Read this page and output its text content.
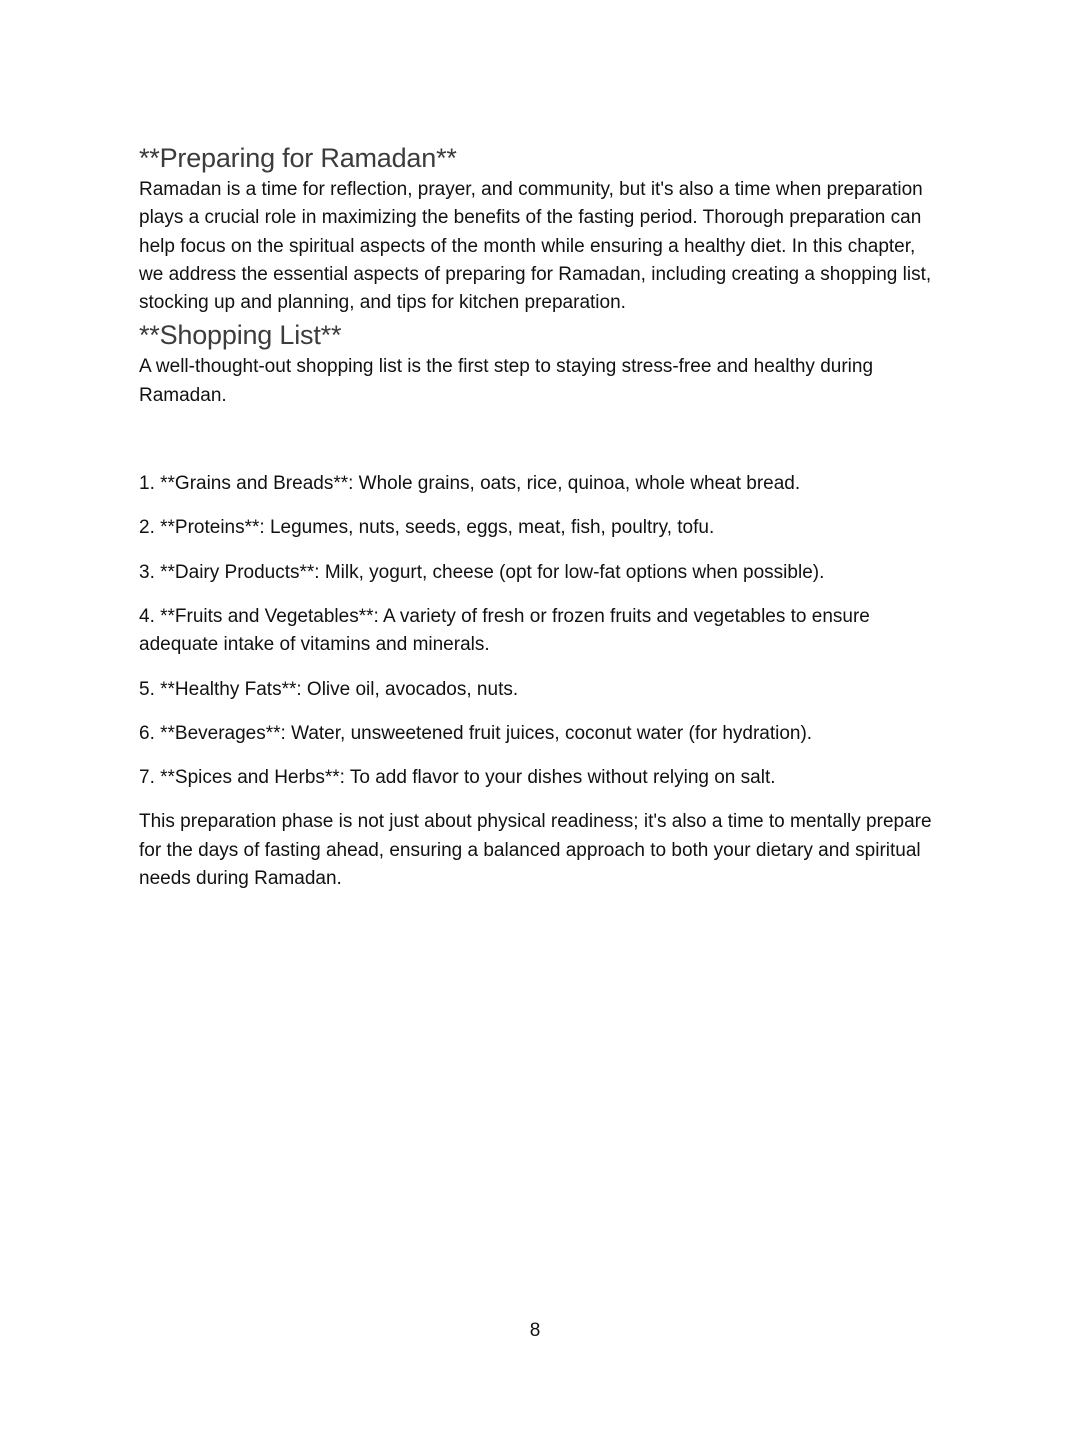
**Preparing for Ramadan**

Ramadan is a time for reflection, prayer, and community, but it's also a time when preparation plays a crucial role in maximizing the benefits of the fasting period. Thorough preparation can help focus on the spiritual aspects of the month while ensuring a healthy diet. In this chapter, we address the essential aspects of preparing for Ramadan, including creating a shopping list, stocking up and planning, and tips for kitchen preparation.

**Shopping List**

A well-thought-out shopping list is the first step to staying stress-free and healthy during Ramadan.

1. **Grains and Breads**: Whole grains, oats, rice, quinoa, whole wheat bread.

2. **Proteins**: Legumes, nuts, seeds, eggs, meat, fish, poultry, tofu.

3. **Dairy Products**: Milk, yogurt, cheese (opt for low-fat options when possible).

4. **Fruits and Vegetables**: A variety of fresh or frozen fruits and vegetables to ensure adequate intake of vitamins and minerals.

5. **Healthy Fats**: Olive oil, avocados, nuts.

6. **Beverages**: Water, unsweetened fruit juices, coconut water (for hydration).

7. **Spices and Herbs**: To add flavor to your dishes without relying on salt.

This preparation phase is not just about physical readiness; it's also a time to mentally prepare for the days of fasting ahead, ensuring a balanced approach to both your dietary and spiritual needs during Ramadan.

8
